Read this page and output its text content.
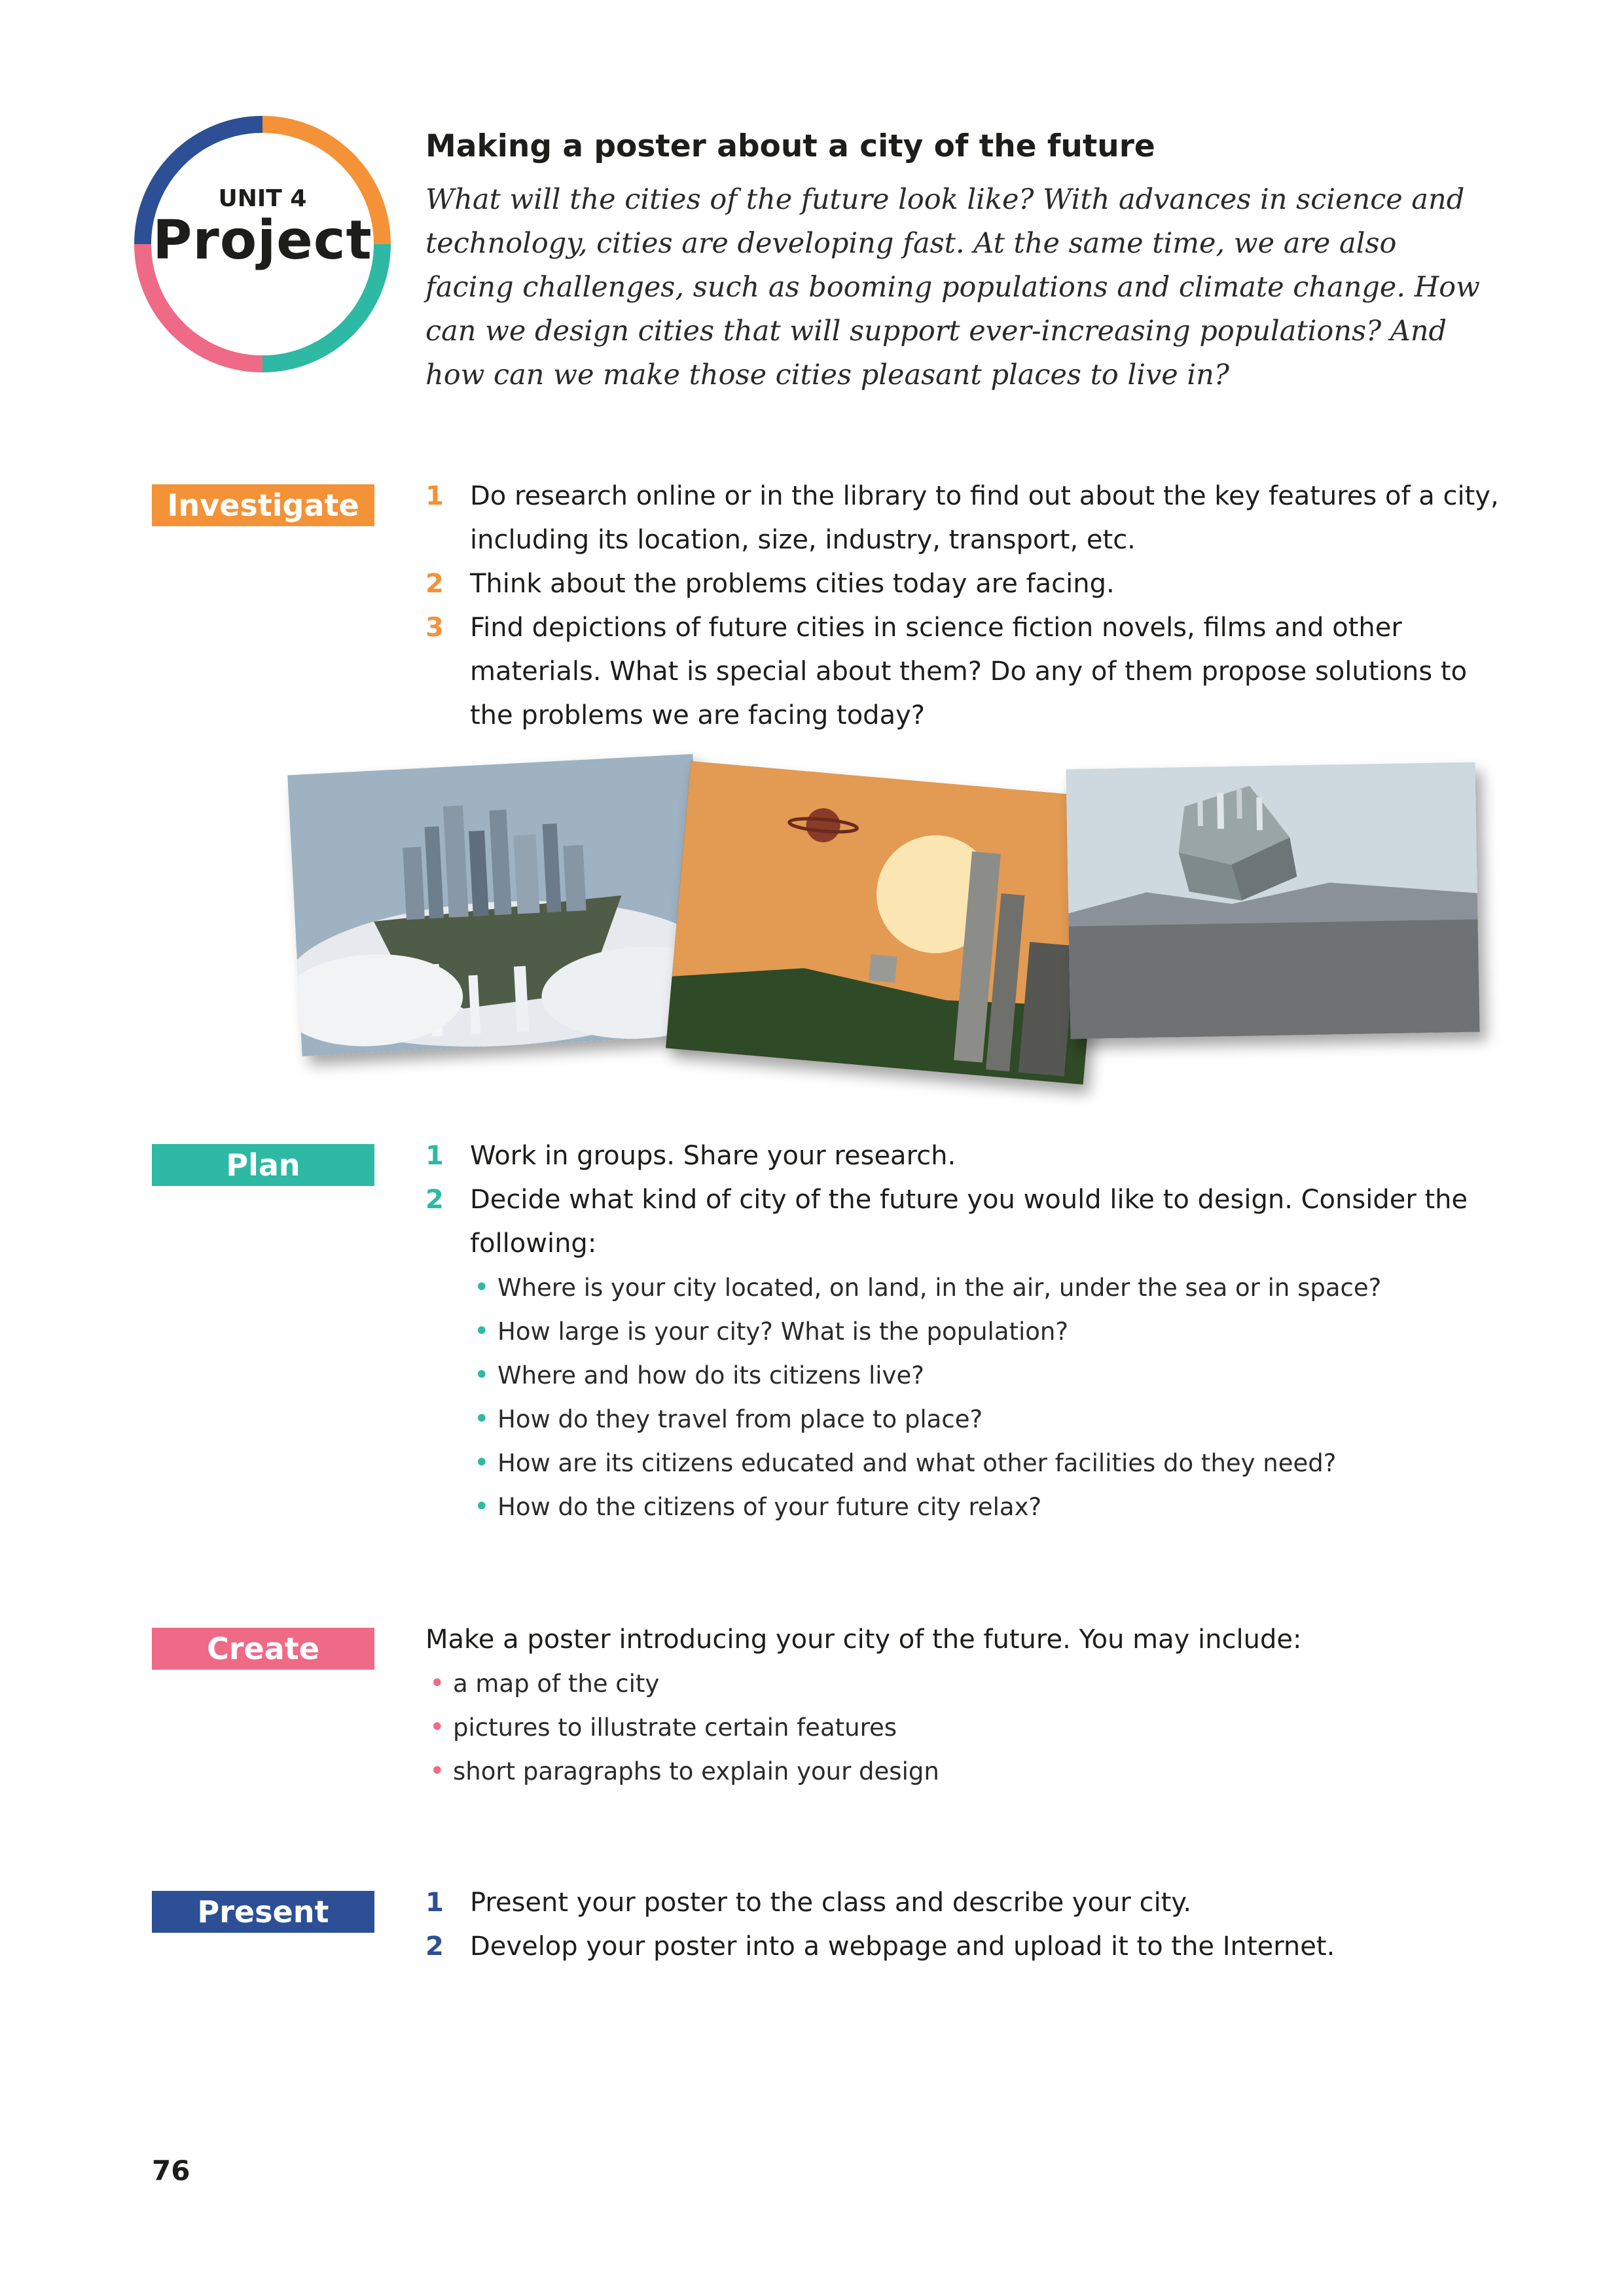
UNIT 4
Project
Making a poster about a city of the future
What will the cities of the future look like? With advances in science and technology, cities are developing fast. At the same time, we are also facing challenges, such as booming populations and climate change. How can we design cities that will support ever-increasing populations? And how can we make those cities pleasant places to live in?
Investigate	1 Do research online or in the library to find out about the key features of a city, including its location, size, industry, transport, etc.
2 Think about the problems cities today are facing.
3 Find depictions of future cities in science fiction novels, films and other materials. What is special about them? Do any of them propose solutions to the problems we are facing today?
Plan	1 Work in groups. Share your research.
2 Decide what kind of city of the future you would like to design. Consider the following:
• Where is your city located, on land, in the air, under the sea or in space?
• How large is your city? What is the population?
• Where and how do its citizens live?
• How do they travel from place to place?
• How are its citizens educated and what other facilities do they need?
• How do the citizens of your future city relax?
Create	Make a poster introducing your city of the future. You may include:
• a map of the city
• pictures to illustrate certain features
• short paragraphs to explain your design
Present	1 Present your poster to the class and describe your city.
2 Develop your poster into a webpage and upload it to the Internet.
76
